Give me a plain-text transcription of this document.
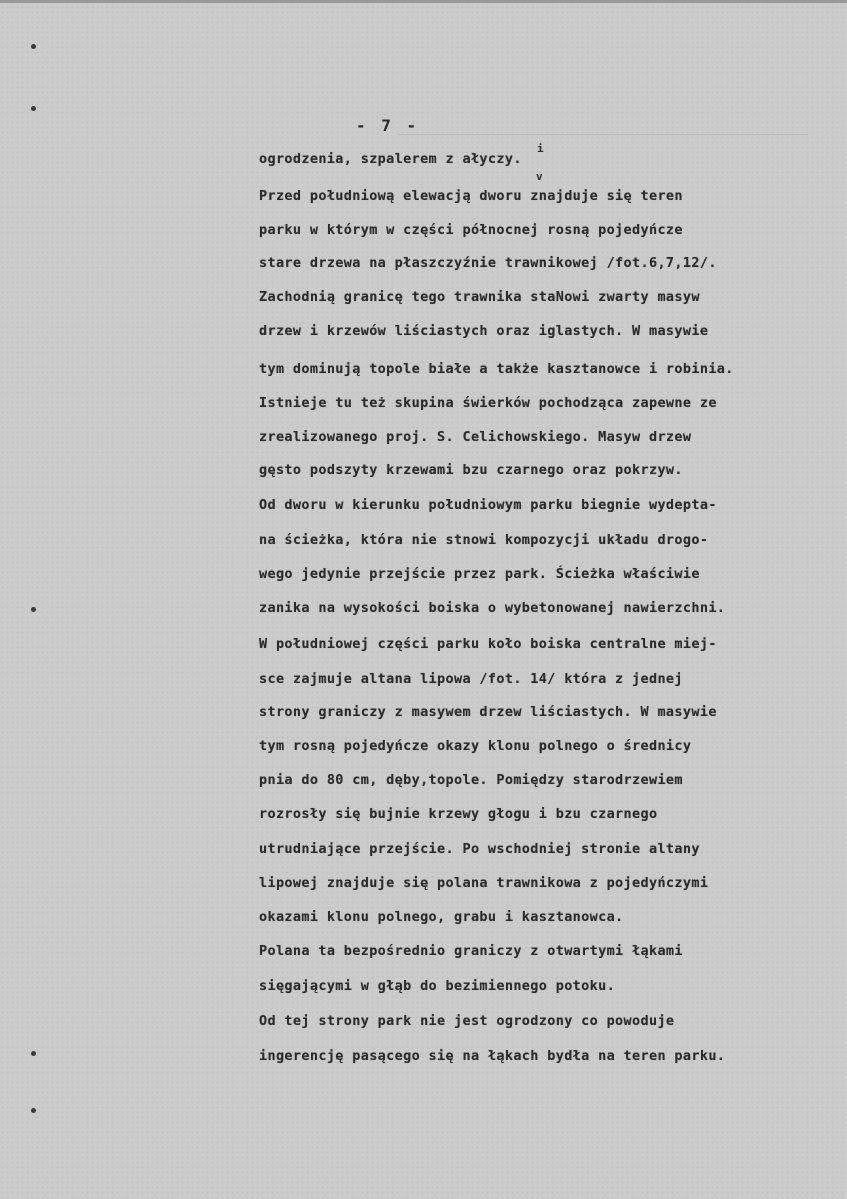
- 7 -
i
v
ogrodzenia, szpalerem z ałyczy.
Przed południową elewacją dworu znajduje się teren
parku w którym w części północnej rosną pojedyńcze
stare drzewa na płaszczyźnie trawnikowej /fot.6,7,12/.
Zachodnią granicę tego trawnika staNowi zwarty masyw
drzew i krzewów liściastych oraz iglastych. W masywie
tym dominują topole białe a także kasztanowce i robinia.
Istnieje tu też skupina świerków pochodząca zapewne ze
zrealizowanego proj. S. Celichowskiego. Masyw drzew
gęsto podszyty krzewami bzu czarnego oraz pokrzyw.
Od dworu w kierunku południowym parku biegnie wydepta-
na ścieżka, która nie stnowi kompozycji układu drogo-
wego jedynie przejście przez park. Ścieżka właściwie
zanika na wysokości boiska o wybetonowanej nawierzchni.
W południowej części parku koło boiska centralne miej-
sce zajmuje altana lipowa /fot. 14/ która z jednej
strony graniczy z masywem drzew liściastych. W masywie
tym rosną pojedyńcze okazy klonu polnego o średnicy
pnia do 80 cm, dęby,topole. Pomiędzy starodrzewiem
rozrosły się bujnie krzewy głogu i bzu czarnego
utrudniające przejście. Po wschodniej stronie altany
lipowej znajduje się polana trawnikowa z pojedyńczymi
okazami klonu polnego, grabu i kasztanowca.
Polana ta bezpośrednio graniczy z otwartymi łąkami
sięgającymi w głąb do bezimiennego potoku.
Od tej strony park nie jest ogrodzony co powoduje
ingerencję pasącego się na łąkach bydła na teren parku.
